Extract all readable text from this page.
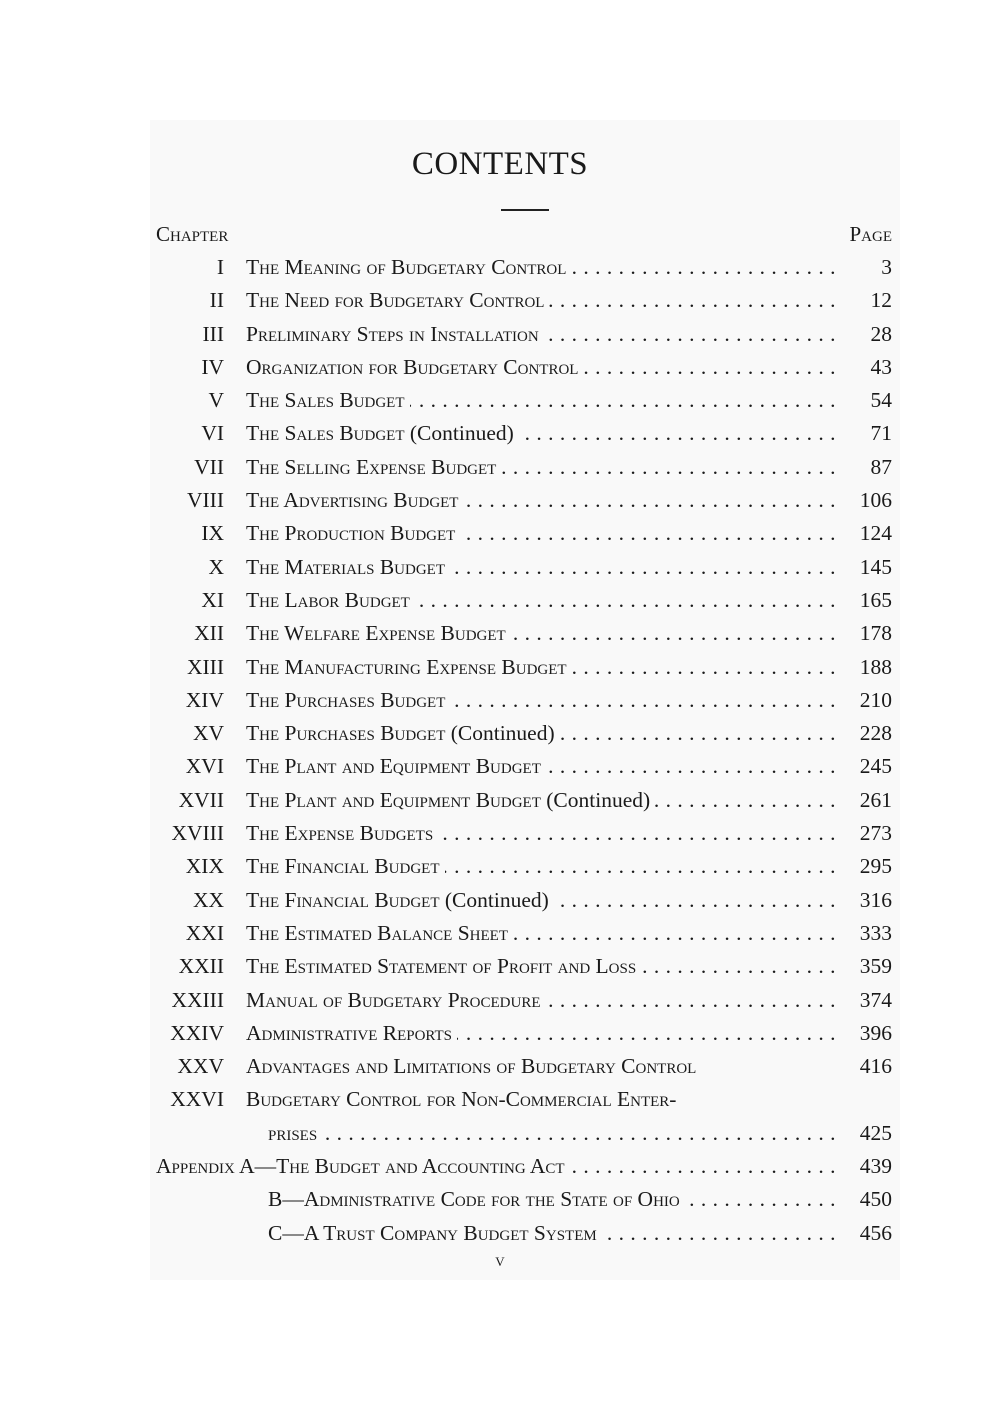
CONTENTS
Chapter	Page
I The Meaning of Budgetary Control . . .	3
II The Need for Budgetary Control . . .	12
III Preliminary Steps in Installation . . .	28
IV Organization for Budgetary Control . . .	43
V The Sales Budget . . .	54
VI The Sales Budget (Continued) . . .	71
VII The Selling Expense Budget . . .	87
VIII The Advertising Budget . . .	106
IX The Production Budget . . .	124
X The Materials Budget . . .	145
XI The Labor Budget . . .	165
XII The Welfare Expense Budget . . .	178
XIII The Manufacturing Expense Budget . . .	188
XIV The Purchases Budget . . .	210
XV The Purchases Budget (Continued) . . .	228
XVI The Plant and Equipment Budget . . .	245
XVII The Plant and Equipment Budget (Continued) . . .	261
XVIII The Expense Budgets . . .	273
XIX The Financial Budget . . .	295
XX The Financial Budget (Continued) . . .	316
XXI The Estimated Balance Sheet . . .	333
XXII The Estimated Statement of Profit and Loss . . .	359
XXIII Manual of Budgetary Procedure . . .	374
XXIV Administrative Reports . . .	396
XXV Advantages and Limitations of Budgetary Control	416
XXVI Budgetary Control for Non-Commercial Enter-
prises . . .	425
Appendix A—The Budget and Accounting Act . . .	439
B—Administrative Code for the State of Ohio . . .	450
C—A Trust Company Budget System . . .	456
v
